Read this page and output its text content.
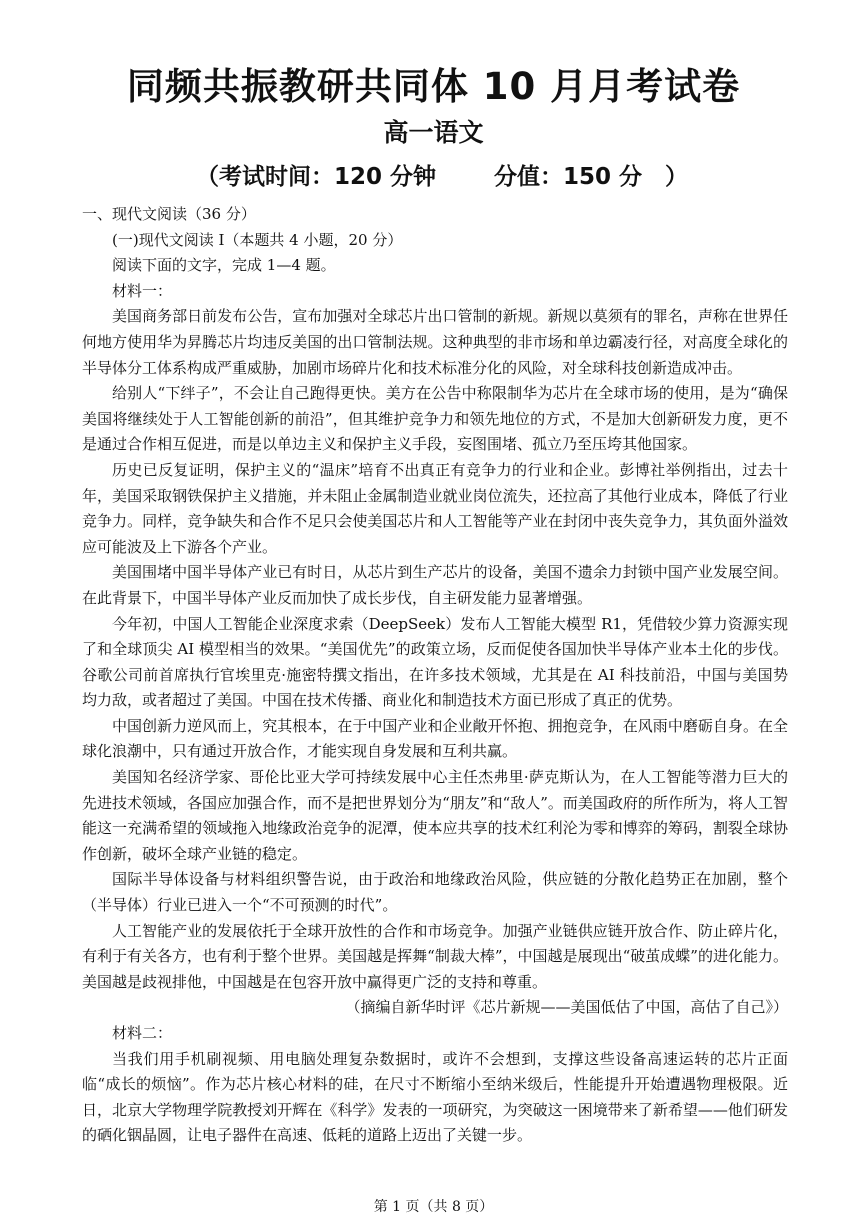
同频共振教研共同体 10 月月考试卷
高一语文
（考试时间：120 分钟	分值：150 分　）

一、现代文阅读（36 分）

(一)现代文阅读 I（本题共 4 小题，20 分）

阅读下面的文字，完成 1—4 题。

材料一：

美国商务部日前发布公告，宣布加强对全球芯片出口管制的新规。新规以莫须有的罪名，声称在世界任何地方使用华为昇腾芯片均违反美国的出口管制法规。这种典型的非市场和单边霸凌行径，对高度全球化的半导体分工体系构成严重威胁，加剧市场碎片化和技术标准分化的风险，对全球科技创新造成冲击。

给别人“下绊子”，不会让自己跑得更快。美方在公告中称限制华为芯片在全球市场的使用，是为“确保美国将继续处于人工智能创新的前沿”，但其维护竞争力和领先地位的方式，不是加大创新研发力度，更不是通过合作相互促进，而是以单边主义和保护主义手段，妄图围堵、孤立乃至压垮其他国家。

历史已反复证明，保护主义的“温床”培育不出真正有竞争力的行业和企业。彭博社举例指出，过去十年，美国采取钢铁保护主义措施，并未阻止金属制造业就业岗位流失，还拉高了其他行业成本，降低了行业竞争力。同样，竞争缺失和合作不足只会使美国芯片和人工智能等产业在封闭中丧失竞争力，其负面外溢效应可能波及上下游各个产业。

美国围堵中国半导体产业已有时日，从芯片到生产芯片的设备，美国不遗余力封锁中国产业发展空间。在此背景下，中国半导体产业反而加快了成长步伐，自主研发能力显著增强。

今年初，中国人工智能企业深度求索（DeepSeek）发布人工智能大模型 R1，凭借较少算力资源实现了和全球顶尖 AI 模型相当的效果。“美国优先”的政策立场，反而促使各国加快半导体产业本土化的步伐。谷歌公司前首席执行官埃里克·施密特撰文指出，在许多技术领域，尤其是在 AI 科技前沿，中国与美国势均力敌，或者超过了美国。中国在技术传播、商业化和制造技术方面已形成了真正的优势。

中国创新力逆风而上，究其根本，在于中国产业和企业敞开怀抱、拥抱竞争，在风雨中磨砺自身。在全球化浪潮中，只有通过开放合作，才能实现自身发展和互利共赢。

美国知名经济学家、哥伦比亚大学可持续发展中心主任杰弗里·萨克斯认为，在人工智能等潜力巨大的先进技术领域，各国应加强合作，而不是把世界划分为“朋友”和“敌人”。而美国政府的所作所为，将人工智能这一充满希望的领域拖入地缘政治竞争的泥潭，使本应共享的技术红利沦为零和博弈的筹码，割裂全球协作创新，破坏全球产业链的稳定。

国际半导体设备与材料组织警告说，由于政治和地缘政治风险，供应链的分散化趋势正在加剧，整个（半导体）行业已进入一个“不可预测的时代”。

人工智能产业的发展依托于全球开放性的合作和市场竞争。加强产业链供应链开放合作、防止碎片化，有利于有关各方，也有利于整个世界。美国越是挥舞“制裁大棒”，中国越是展现出“破茧成蝶”的进化能力。美国越是歧视排他，中国越是在包容开放中赢得更广泛的支持和尊重。

（摘编自新华时评《芯片新规——美国低估了中国，高估了自己》）

材料二：

当我们用手机刷视频、用电脑处理复杂数据时，或许不会想到，支撑这些设备高速运转的芯片正面临“成长的烦恼”。作为芯片核心材料的硅，在尺寸不断缩小至纳米级后，性能提升开始遭遇物理极限。近日，北京大学物理学院教授刘开辉在《科学》发表的一项研究，为突破这一困境带来了新希望——他们研发的硒化铟晶圆，让电子器件在高速、低耗的道路上迈出了关键一步。

第 1 页（共 8 页）
